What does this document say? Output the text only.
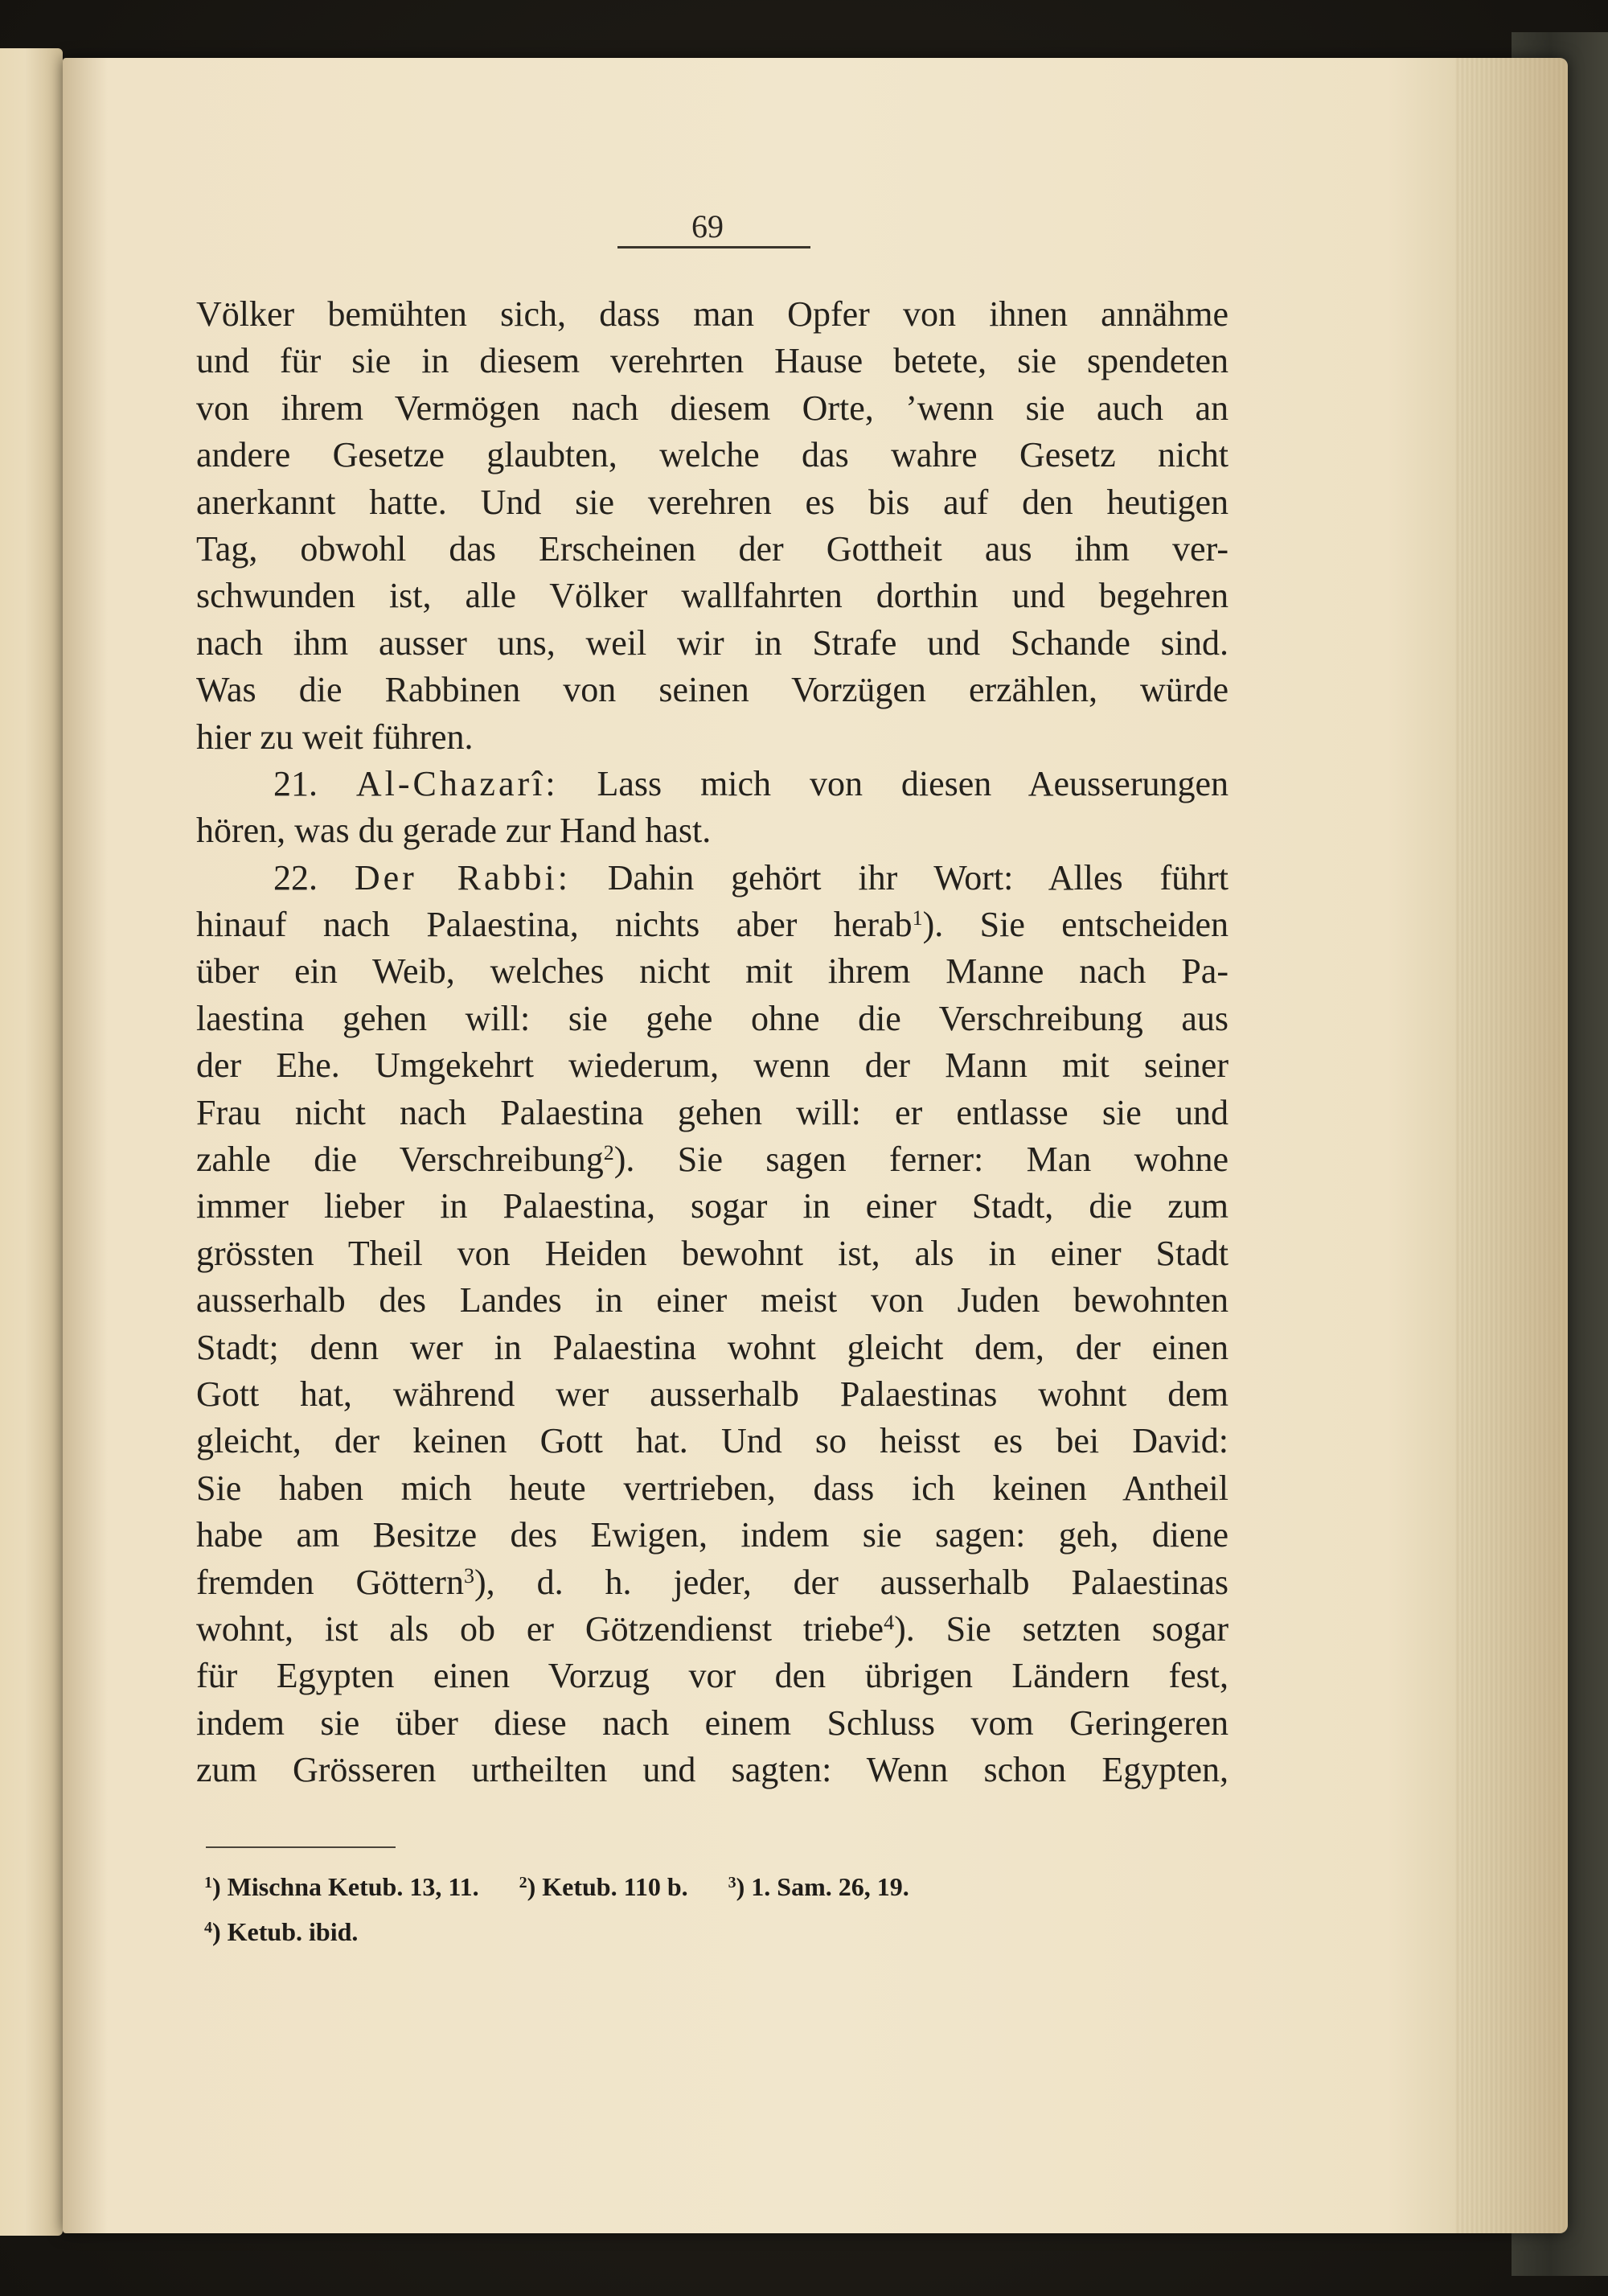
69
Völker bemühten sich, dass man Opfer von ihnen annähme
und für sie in diesem verehrten Hause betete, sie spendeten
von ihrem Vermögen nach diesem Orte, ʼwenn sie auch an
andere Gesetze glaubten, welche das wahre Gesetz nicht
anerkannt hatte. Und sie verehren es bis auf den heutigen
Tag, obwohl das Erscheinen der Gottheit aus ihm ver-
schwunden ist, alle Völker wallfahrten dorthin und begehren
nach ihm ausser uns, weil wir in Strafe und Schande sind.
Was die Rabbinen von seinen Vorzügen erzählen, würde
hier zu weit führen.
21. Al-Chazarî: Lass mich von diesen Aeusserungen
hören, was du gerade zur Hand hast.
22. Der Rabbi: Dahin gehört ihr Wort: Alles führt
hinauf nach Palaestina, nichts aber herab$^1$). Sie entscheiden
über ein Weib, welches nicht mit ihrem Manne nach Pa-
laestina gehen will: sie gehe ohne die Verschreibung aus
der Ehe. Umgekehrt wiederum, wenn der Mann mit seiner
Frau nicht nach Palaestina gehen will: er entlasse sie und
zahle die Verschreibung$^2$). Sie sagen ferner: Man wohne
immer lieber in Palaestina, sogar in einer Stadt, die zum
grössten Theil von Heiden bewohnt ist, als in einer Stadt
ausserhalb des Landes in einer meist von Juden bewohnten
Stadt; denn wer in Palaestina wohnt gleicht dem, der einen
Gott hat, während wer ausserhalb Palaestinas wohnt dem
gleicht, der keinen Gott hat. Und so heisst es bei David:
Sie haben mich heute vertrieben, dass ich keinen Antheil
habe am Besitze des Ewigen, indem sie sagen: geh, diene
fremden Göttern$^3$), d. h. jeder, der ausserhalb Palaestinas
wohnt, ist als ob er Götzendienst triebe$^4$). Sie setzten sogar
für Egypten einen Vorzug vor den übrigen Ländern fest,
indem sie über diese nach einem Schluss vom Geringeren
zum Grösseren urtheilten und sagten: Wenn schon Egypten,
$^1$) Mischna Ketub. 13, 11.	$^2$) Ketub. 110 b.	$^3$) 1. Sam. 26, 19.
$^4$) Ketub. ibid.
